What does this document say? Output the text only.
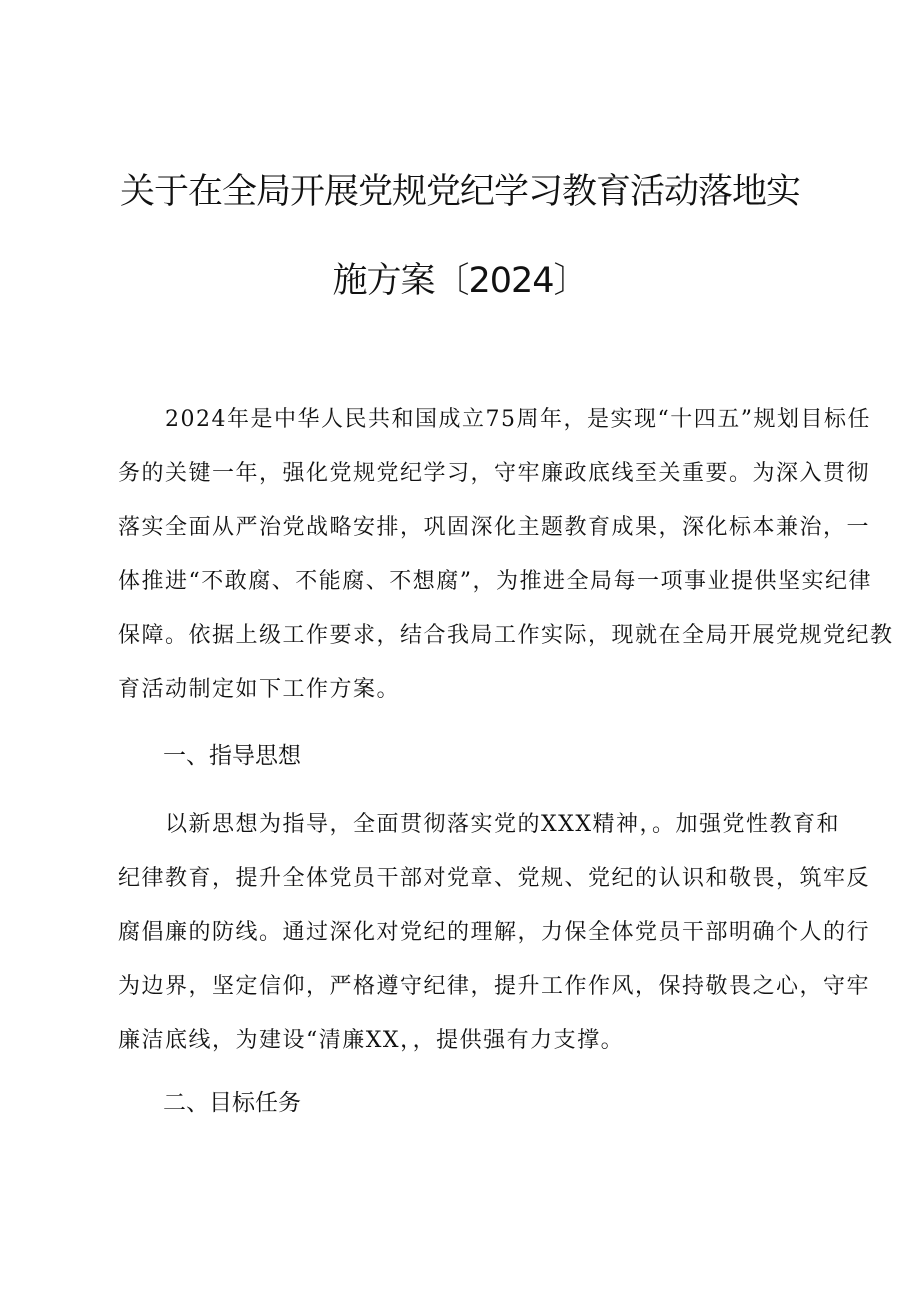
关于在全局开展党规党纪学习教育活动落地实
施方案〔2024〕
　　2024年是中华人民共和国成立75周年，是实现“十四五”规划目标任
务的关键一年，强化党规党纪学习，守牢廉政底线至关重要。为深入贯彻
落实全面从严治党战略安排，巩固深化主题教育成果，深化标本兼治，一
体推进“不敢腐、不能腐、不想腐”，为推进全局每一项事业提供坚实纪律
保障。依据上级工作要求，结合我局工作实际，现就在全局开展党规党纪教
育活动制定如下工作方案。
一、指导思想
　　以新思想为指导，全面贯彻落实党的XXX精神，。加强党性教育和
纪律教育，提升全体党员干部对党章、党规、党纪的认识和敬畏，筑牢反
腐倡廉的防线。通过深化对党纪的理解，力保全体党员干部明确个人的行
为边界，坚定信仰，严格遵守纪律，提升工作作风，保持敬畏之心，守牢
廉洁底线，为建设“清廉XX，，提供强有力支撑。
二、目标任务
